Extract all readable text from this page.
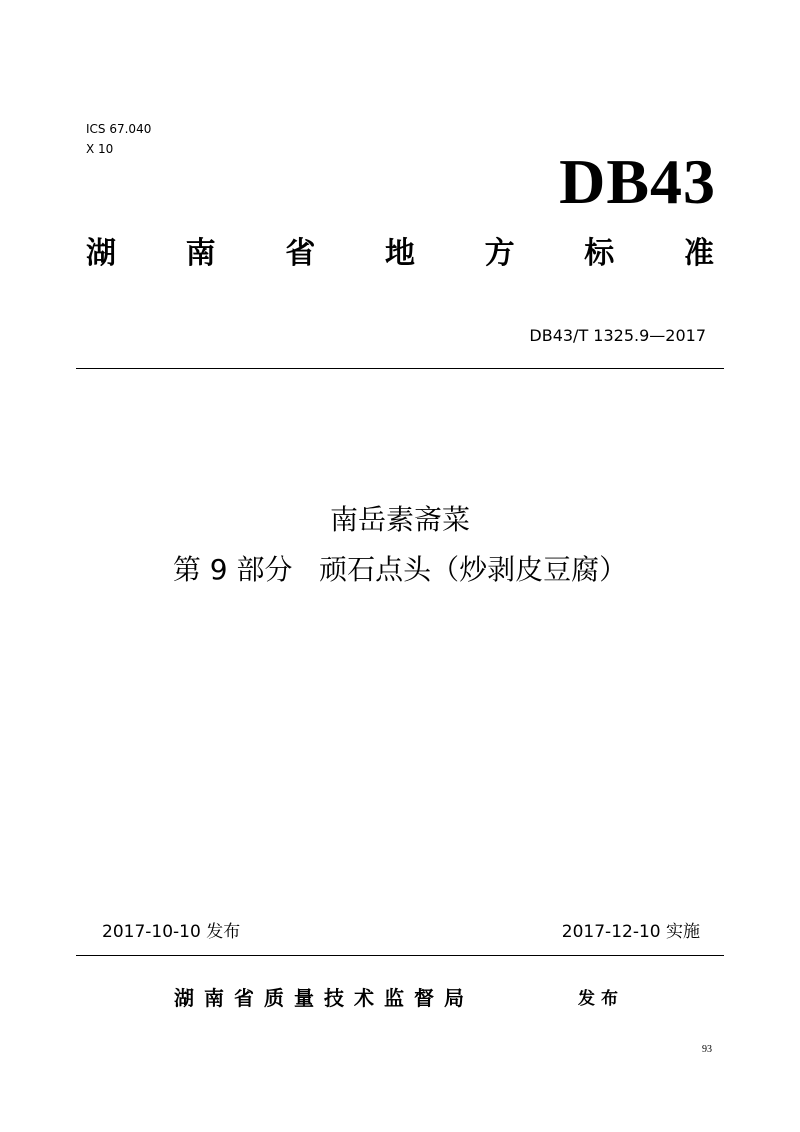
ICS 67.040
X 10	DB43
湖 南 省 地 方 标 准
DB43/T 1325.9—2017
南岳素斋菜
第 9 部分   顽石点头（炒剥皮豆腐）
2017-10-10 发布	2017-12-10 实施
湖南省质量技术监督局	发布
93
